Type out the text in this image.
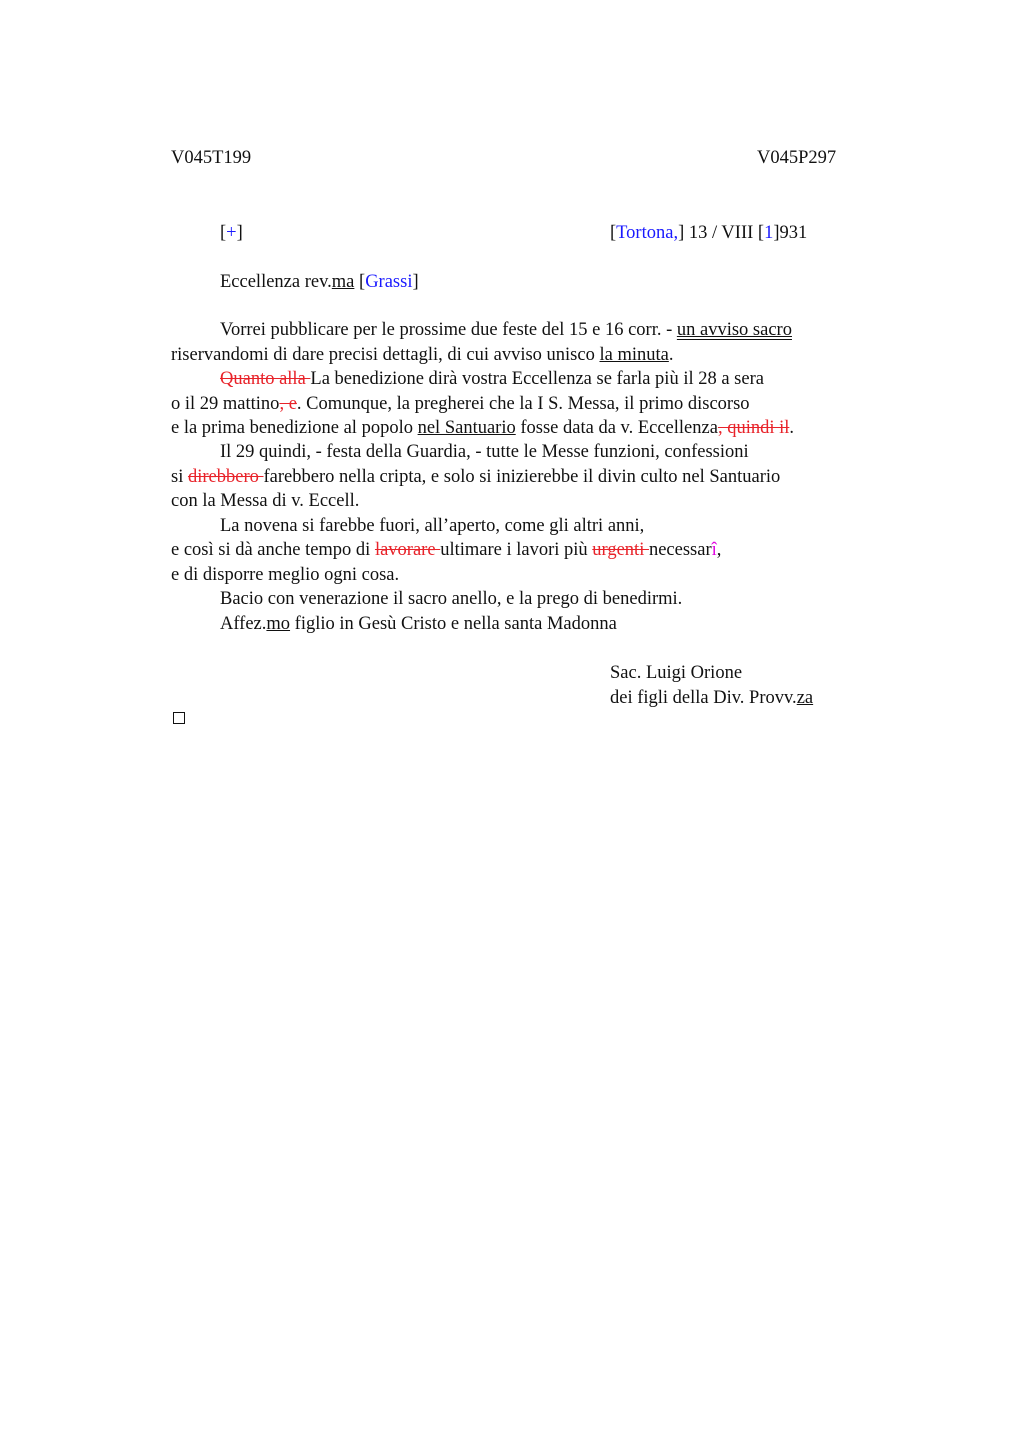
V045T199	V045P297
[+]	[Tortona,] 13 / VIII [1]931
Eccellenza rev.ma [Grassi]
Vorrei pubblicare per le prossime due feste del 15 e 16 corr. - un avviso sacro
riservandomi di dare precisi dettagli, di cui avviso unisco la minuta.
Quanto alla La benedizione dirà vostra Eccellenza se farla più il 28 a sera
o il 29 mattino, e. Comunque, la pregherei che la I S. Messa, il primo discorso
e la prima benedizione al popolo nel Santuario fosse data da v. Eccellenza, quindi il.
Il 29 quindi, - festa della Guardia, - tutte le Messe funzioni, confessioni
si direbbero farebbero nella cripta, e solo si inizierebbe il divin culto nel Santuario
con la Messa di v. Eccell.
La novena si farebbe fuori, all’aperto, come gli altri anni,
e così si dà anche tempo di lavorare ultimare i lavori più urgenti necessarî,
e di disporre meglio ogni cosa.
Bacio con venerazione il sacro anello, e la prego di benedirmi.
Affez.mo figlio in Gesù Cristo e nella santa Madonna
Sac. Luigi Orione
dei figli della Div. Provv.za
